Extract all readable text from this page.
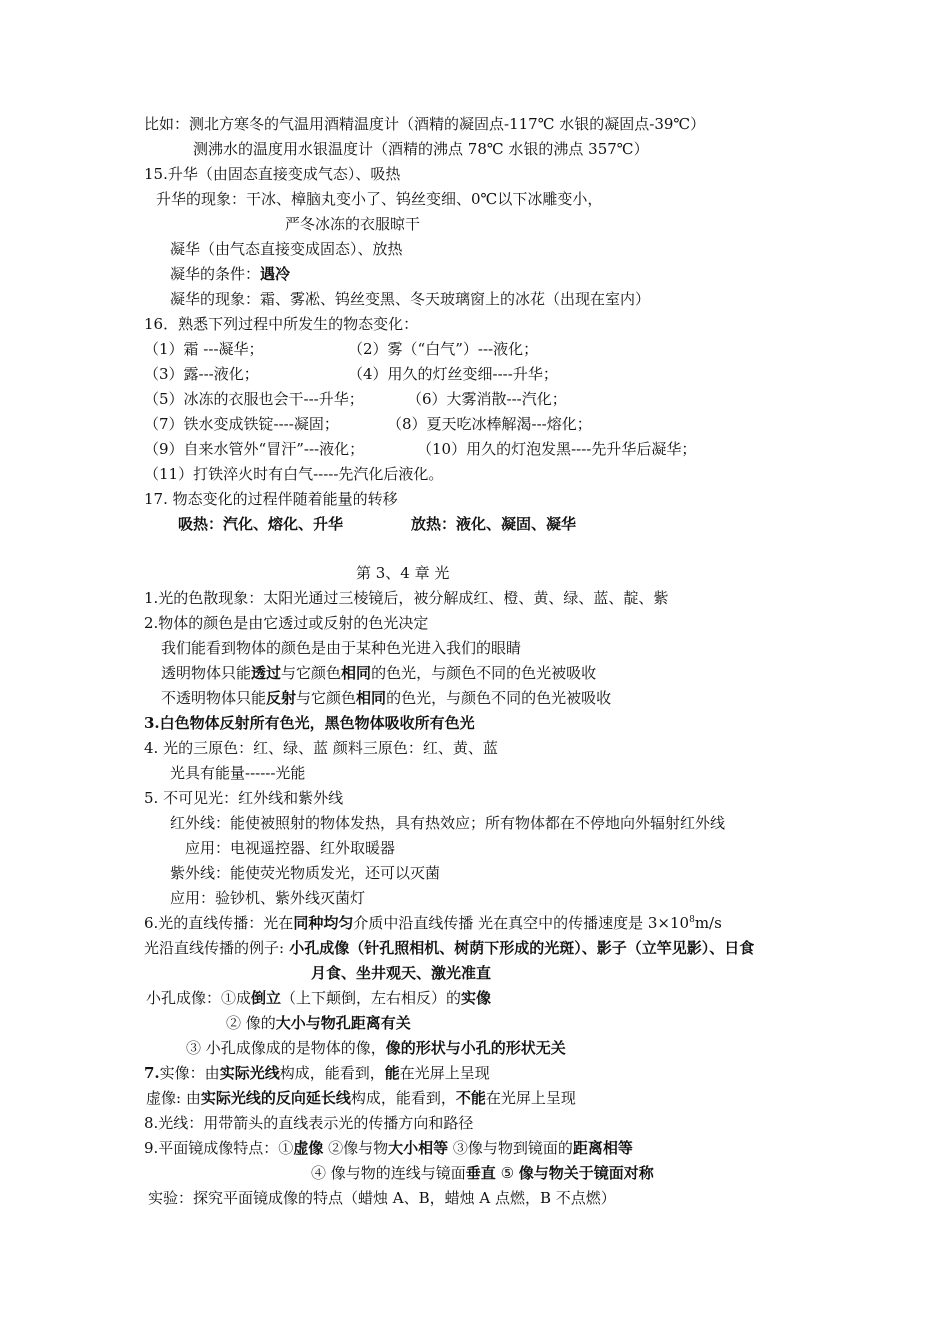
比如：测北方寒冬的气温用酒精温度计（酒精的凝固点-117℃ 水银的凝固点-39℃）
测沸水的温度用水银温度计（酒精的沸点 78℃ 水银的沸点 357℃）
15.升华（由固态直接变成气态）、吸热
升华的现象：干冰、樟脑丸变小了、钨丝变细、0℃以下冰雕变小，
严冬冰冻的衣服晾干
凝华（由气态直接变成固态）、放热
凝华的条件：遇冷
凝华的现象：霜、雾凇、钨丝变黑、冬天玻璃窗上的冰花（出现在室内）
16．熟悉下列过程中所发生的物态变化：
（1）霜 ---凝华；	（2）雾（“白气”）---液化；
（3）露---液化；	（4）用久的灯丝变细----升华；
（5）冰冻的衣服也会干---升华；	（6）大雾消散---汽化；
（7）铁水变成铁锭----凝固；	（8）夏天吃冰棒解渴---熔化；
（9）自来水管外“冒汗”---液化；	（10）用久的灯泡发黑----先升华后凝华；
（11）打铁淬火时有白气-----先汽化后液化。
17. 物态变化的过程伴随着能量的转移
吸热：汽化、熔化、升华	放热：液化、凝固、凝华
第 3、4 章 光
1.光的色散现象：太阳光通过三棱镜后，被分解成红、橙、黄、绿、蓝、靛、紫
2.物体的颜色是由它透过或反射的色光决定
我们能看到物体的颜色是由于某种色光进入我们的眼睛
透明物体只能透过与它颜色相同的色光，与颜色不同的色光被吸收
不透明物体只能反射与它颜色相同的色光，与颜色不同的色光被吸收
3.白色物体反射所有色光，黑色物体吸收所有色光
4. 光的三原色：红、绿、蓝 颜料三原色：红、黄、蓝
光具有能量------光能
5. 不可见光：红外线和紫外线
红外线：能使被照射的物体发热，具有热效应；所有物体都在不停地向外辐射红外线
应用：电视遥控器、红外取暖器
紫外线：能使荧光物质发光，还可以灭菌
应用：验钞机、紫外线灭菌灯
6.光的直线传播：光在同种均匀介质中沿直线传播 光在真空中的传播速度是 $3\times 10^8m/s$
光沿直线传播的例子: 小孔成像（针孔照相机、树荫下形成的光斑）、影子（立竿见影）、日食
月食、坐井观天、激光准直
小孔成像：①成倒立（上下颠倒，左右相反）的实像
② 像的大小与物孔距离有关
③ 小孔成像成的是物体的像，像的形状与小孔的形状无关
7.实像：由实际光线构成，能看到，能在光屏上呈现
虚像: 由实际光线的反向延长线构成，能看到，不能在光屏上呈现
8.光线：用带箭头的直线表示光的传播方向和路径
9.平面镜成像特点：①虚像 ②像与物大小相等 ③像与物到镜面的距离相等
④ 像与物的连线与镜面垂直 ⑤ 像与物关于镜面对称
实验：探究平面镜成像的特点（蜡烛 A、B，蜡烛 A 点燃，B 不点燃）
